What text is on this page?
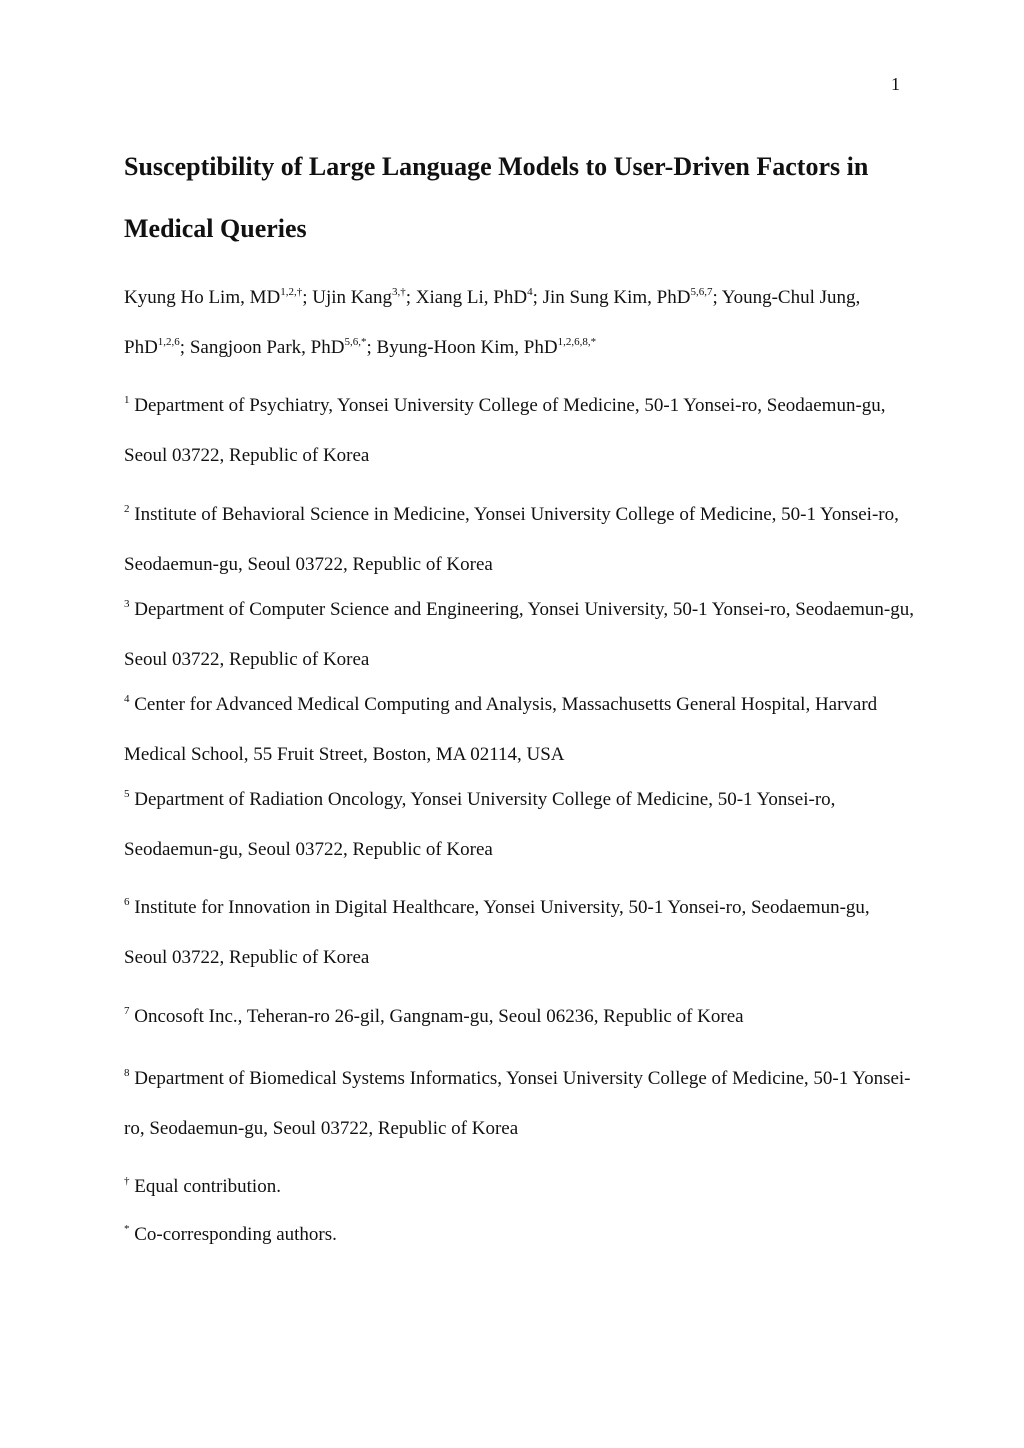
1
Susceptibility of Large Language Models to User-Driven Factors in Medical Queries

Kyung Ho Lim, $MD^{1,2,\dagger}$; Ujin Kang$^{3,\dagger}$; Xiang Li, PhD$^4$; Jin Sung Kim, PhD$^{5,6,7}$; Young-Chul Jung, PhD$^{1,2,6}$; Sangjoon Park, PhD$^{5,6,*}$; Byung-Hoon Kim, PhD$^{1,2,6,8,*}$

$^1$ Department of Psychiatry, Yonsei University College of Medicine, 50-1 Yonsei-ro, Seodaemun-gu, Seoul 03722, Republic of Korea

$^2$ Institute of Behavioral Science in Medicine, Yonsei University College of Medicine, 50-1 Yonsei-ro, Seodaemun-gu, Seoul 03722, Republic of Korea

$^3$ Department of Computer Science and Engineering, Yonsei University, 50-1 Yonsei-ro, Seodaemun-gu, Seoul 03722, Republic of Korea

$^4$ Center for Advanced Medical Computing and Analysis, Massachusetts General Hospital, Harvard Medical School, 55 Fruit Street, Boston, MA 02114, USA

$^5$ Department of Radiation Oncology, Yonsei University College of Medicine, 50-1 Yonsei-ro, Seodaemun-gu, Seoul 03722, Republic of Korea

$^6$ Institute for Innovation in Digital Healthcare, Yonsei University, 50-1 Yonsei-ro, Seodaemun-gu, Seoul 03722, Republic of Korea

$^7$ Oncosoft Inc., Teheran-ro 26-gil, Gangnam-gu, Seoul 06236, Republic of Korea

$^8$ Department of Biomedical Systems Informatics, Yonsei University College of Medicine, 50-1 Yonsei-ro, Seodaemun-gu, Seoul 03722, Republic of Korea

† Equal contribution.

* Co-corresponding authors.
